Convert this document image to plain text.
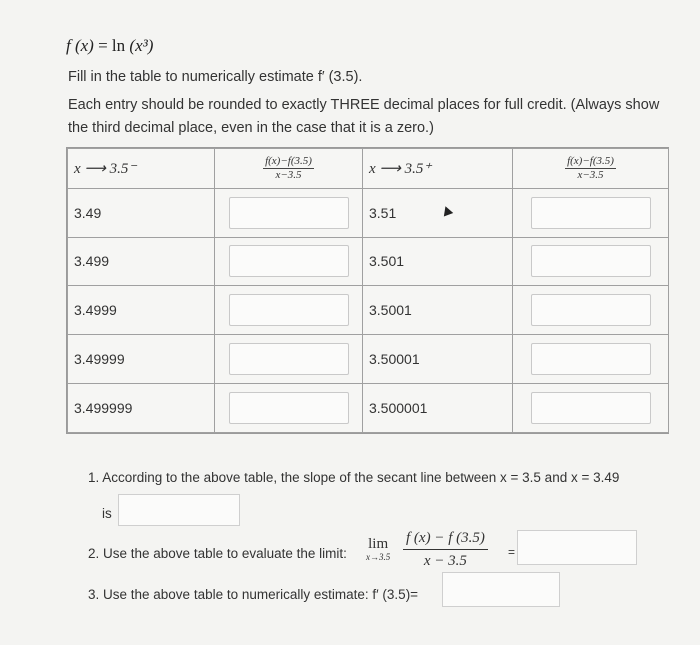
f (x) = ln (x³)
Fill in the table to numerically estimate f′ (3.5).
Each entry should be rounded to exactly THREE decimal places for full credit. (Always show the third decimal place, even in the case that it is a zero.)
x ⟶ 3.5⁻	$\frac{f(x)-f(3.5)}{x-3.5}$	x ⟶ 3.5⁺	$\frac{f(x)-f(3.5)}{x-3.5}$

3.49		3.51	

3.499		3.501	

3.4999		3.5001	

3.49999		3.50001	

3.499999		3.500001	
1. According to the above table, the slope of the secant line between x = 3.5 and x = 3.49
is
2. Use the above table to evaluate the limit:
lim
$x\to 3.5 \frac{f (x) - f (3.5)}{x - 3.5}$ =
3. Use the above table to numerically estimate: f′ (3.5)=
